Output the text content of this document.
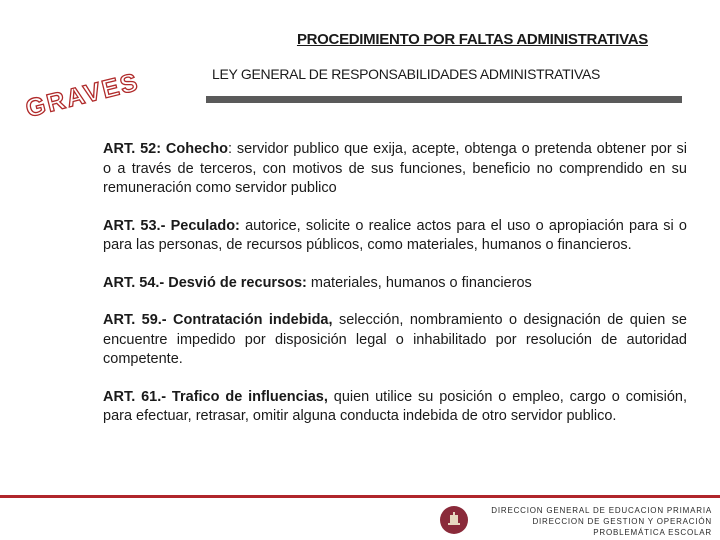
PROCEDIMIENTO POR FALTAS ADMINISTRATIVAS
LEY GENERAL DE RESPONSABILIDADES ADMINISTRATIVAS
GRAVES

ART. 52: Cohecho: servidor publico que exija, acepte, obtenga o pretenda obtener por si o a través de terceros, con motivos de sus funciones, beneficio no comprendido en su remuneración como servidor publico

ART. 53.- Peculado: autorice, solicite o realice actos para el uso o apropiación para si o para las personas, de recursos públicos, como materiales, humanos o financieros.

ART. 54.- Desvió de recursos: materiales, humanos o financieros

ART. 59.- Contratación indebida, selección, nombramiento o designación de quien se encuentre impedido por disposición legal o inhabilitado por resolución de autoridad competente.

ART. 61.- Trafico de influencias, quien utilice su posición o empleo, cargo o comisión, para efectuar, retrasar, omitir alguna conducta indebida de otro servidor publico.

DIRECCION GENERAL DE EDUCACION PRIMARIA
DIRECCION DE GESTION Y OPERACIÓN
PROBLEMÁTICA ESCOLAR
